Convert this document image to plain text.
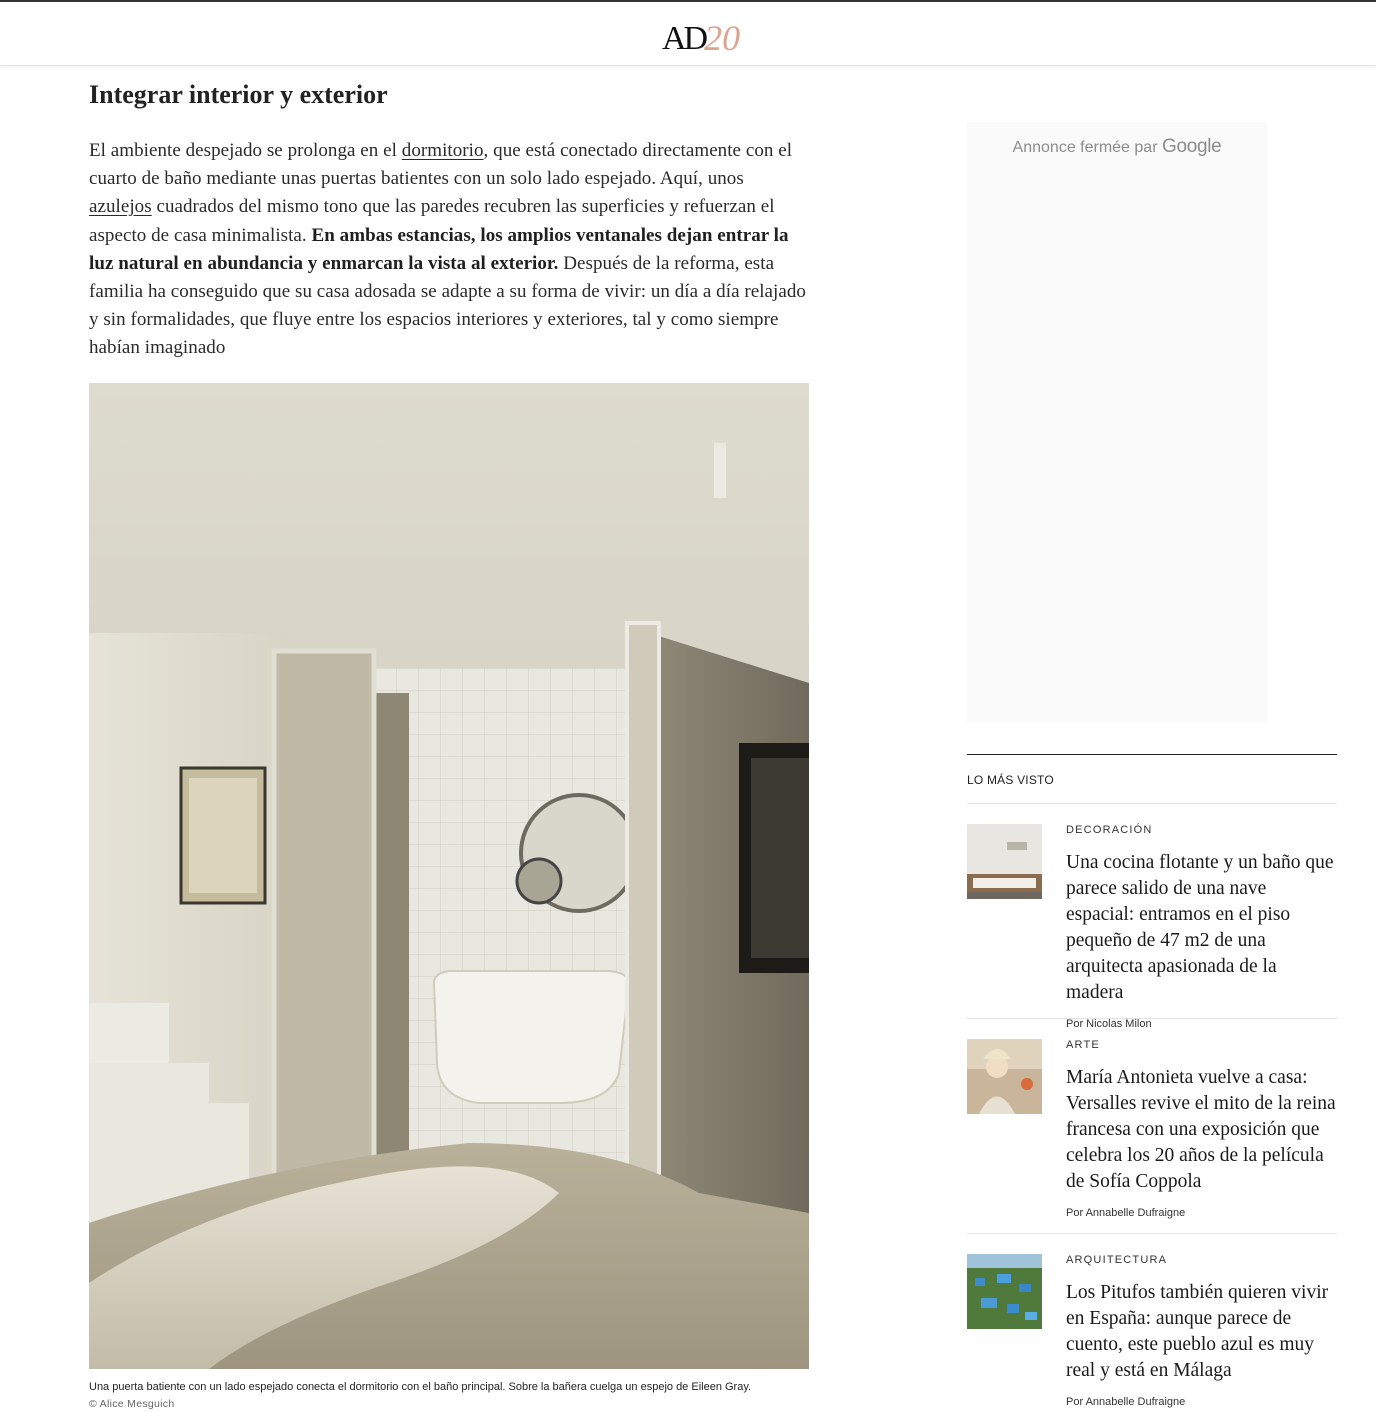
AD 20
Integrar interior y exterior

El ambiente despejado se prolonga en el dormitorio, que está conectado directamente con el cuarto de baño mediante unas puertas batientes con un solo lado espejado. Aquí, unos azulejos cuadrados del mismo tono que las paredes recubren las superficies y refuerzan el aspecto de casa minimalista. En ambas estancias, los amplios ventanales dejan entrar la luz natural en abundancia y enmarcan la vista al exterior. Después de la reforma, esta familia ha conseguido que su casa adosada se adapte a su forma de vivir: un día a día relajado y sin formalidades, que fluye entre los espacios interiores y exteriores, tal y como siempre habían imaginado

Una puerta batiente con un lado espejado conecta el dormitorio con el baño principal. Sobre la bañera cuelga un espejo de Eileen Gray.
© Alice Mesguich
Annonce fermée par Google
LO MÁS VISTO
DECORACIÓN
Una cocina flotante y un baño que parece salido de una nave espacial: entramos en el piso pequeño de 47 m2 de una arquitecta apasionada de la madera
Por Nicolas Milon
ARTE
María Antonieta vuelve a casa: Versalles revive el mito de la reina francesa con una exposición que celebra los 20 años de la película de Sofía Coppola
Por Annabelle Dufraigne
ARQUITECTURA
Los Pitufos también quieren vivir en España: aunque parece de cuento, este pueblo azul es muy real y está en Málaga
Por Annabelle Dufraigne
